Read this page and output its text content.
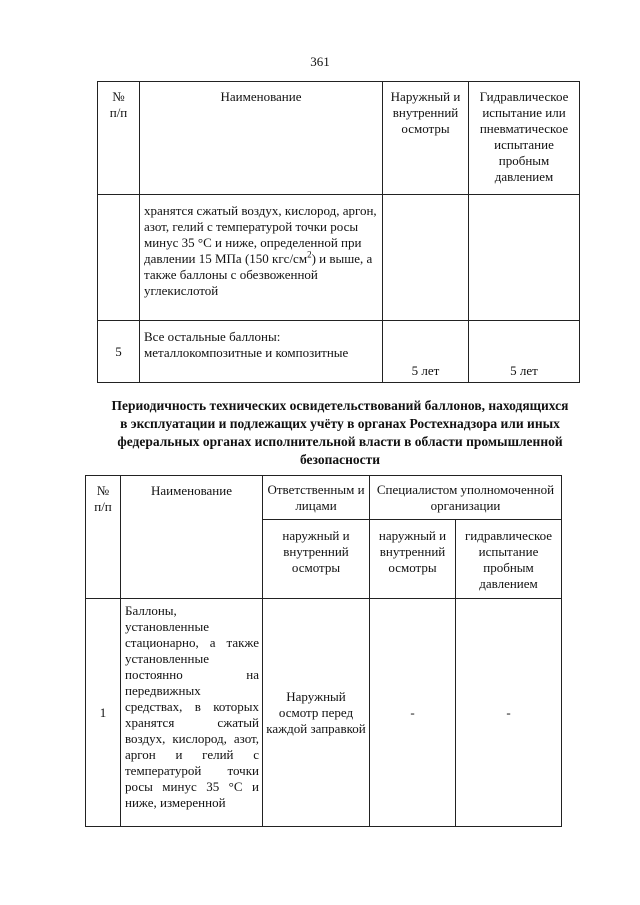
361
№ п/п	Наименование	Наружный и внутренний осмотры	Гидравлическое испытание или пневматическое испытание пробным давлением

	хранятся сжатый воздух, кислород, аргон, азот, гелий с температурой точки росы минус 35 °С и ниже, определенной при давлении 15 МПа (150 кгс/$см^2$) и выше, а также баллоны с обезвоженной углекислотой		

5	Все остальные баллоны: металлокомпозитные и композитные	5 лет	5 лет
Периодичность технических освидетельствований баллонов, находящихся в эксплуатации и подлежащих учёту в органах Ростехнадзора или иных федеральных органах исполнительной власти в области промышленной безопасности
№ п/п	Наименование	Ответственным и лицами	Специалистом уполномоченной организации	

		наружный и внутренний осмотры	наружный и внутренний осмотры	гидравлическое испытание пробным давлением

1	Баллоны, установленные стационарно, а также установленные постоянно на передвижных средствах, в которых хранятся сжатый воздух, кислород, азот, аргон и гелий с температурой точки росы минус 35 °С и ниже, измеренной	Наружный осмотр перед каждой заправкой	-	-
